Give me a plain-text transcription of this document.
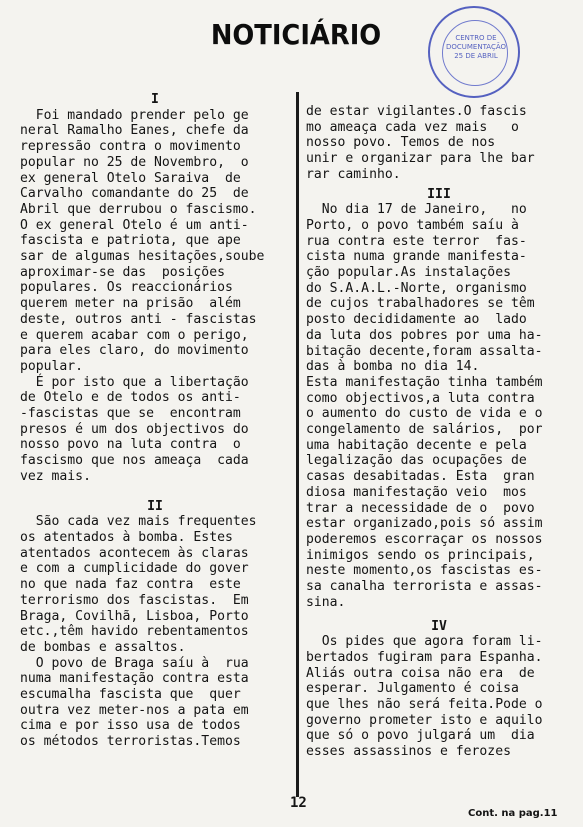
NOTICIÁRIO	CENTRO DE
DOCUMENTAÇÃO
25 DE ABRIL

I

Foi mandado prender pelo ge

neral Ramalho Eanes, chefe da

repressão contra o movimento

popular no 25 de Novembro,  o

ex general Otelo Saraiva  de

Carvalho comandante do 25  de

Abril que derrubou o fascismo.

O ex general Otelo é um anti-

fascista e patriota, que ape

sar de algumas hesitações,soube

aproximar-se das  posições

populares. Os reaccionários

querem meter na prisão  além

deste, outros anti - fascistas

e querem acabar com o perigo,

para eles claro, do movimento

popular.

É por isto que a libertação

de Otelo e de todos os anti-

-fascistas que se  encontram

presos é um dos objectivos do

nosso povo na luta contra  o

fascismo que nos ameaça  cada

vez mais.

II

São cada vez mais frequentes

os atentados à bomba. Estes

atentados acontecem às claras

e com a cumplicidade do gover

no que nada faz contra  este

terrorismo dos fascistas.  Em

Braga, Covilhã, Lisboa, Porto

etc.,têm havido rebentamentos

de bombas e assaltos.

O povo de Braga saíu à  rua

numa manifestação contra esta

escumalha fascista que  quer

outra vez meter-nos a pata em

cima e por isso usa de todos

os métodos terroristas.Temos

de estar vigilantes.O fascis

mo ameaça cada vez mais   o

nosso povo. Temos de nos

unir e organizar para lhe bar

rar caminho.

III

No dia 17 de Janeiro,   no

Porto, o povo também saíu à

rua contra este terror  fas-

cista numa grande manifesta-

ção popular.As instalações

do S.A.A.L.-Norte, organismo

de cujos trabalhadores se têm

posto decididamente ao  lado

da luta dos pobres por uma ha-

bitação decente,foram assalta-

das à bomba no dia 14.

Esta manifestação tinha também

como objectivos,a luta contra

o aumento do custo de vida e o

congelamento de salários,  por

uma habitação decente e pela

legalização das ocupações de

casas desabitadas. Esta  gran

diosa manifestação veio  mos

trar a necessidade de o  povo

estar organizado,pois só assim

poderemos escorraçar os nossos

inimigos sendo os principais,

neste momento,os fascistas es-

sa canalha terrorista e assas-

sina.

IV

Os pides que agora foram li-

bertados fugiram para Espanha.

Aliás outra coisa não era  de

esperar. Julgamento é coisa

que lhes não será feita.Pode o

governo prometer isto e aquilo

que só o povo julgará um  dia

esses assassinos e ferozes

12
Cont. na pag.11
